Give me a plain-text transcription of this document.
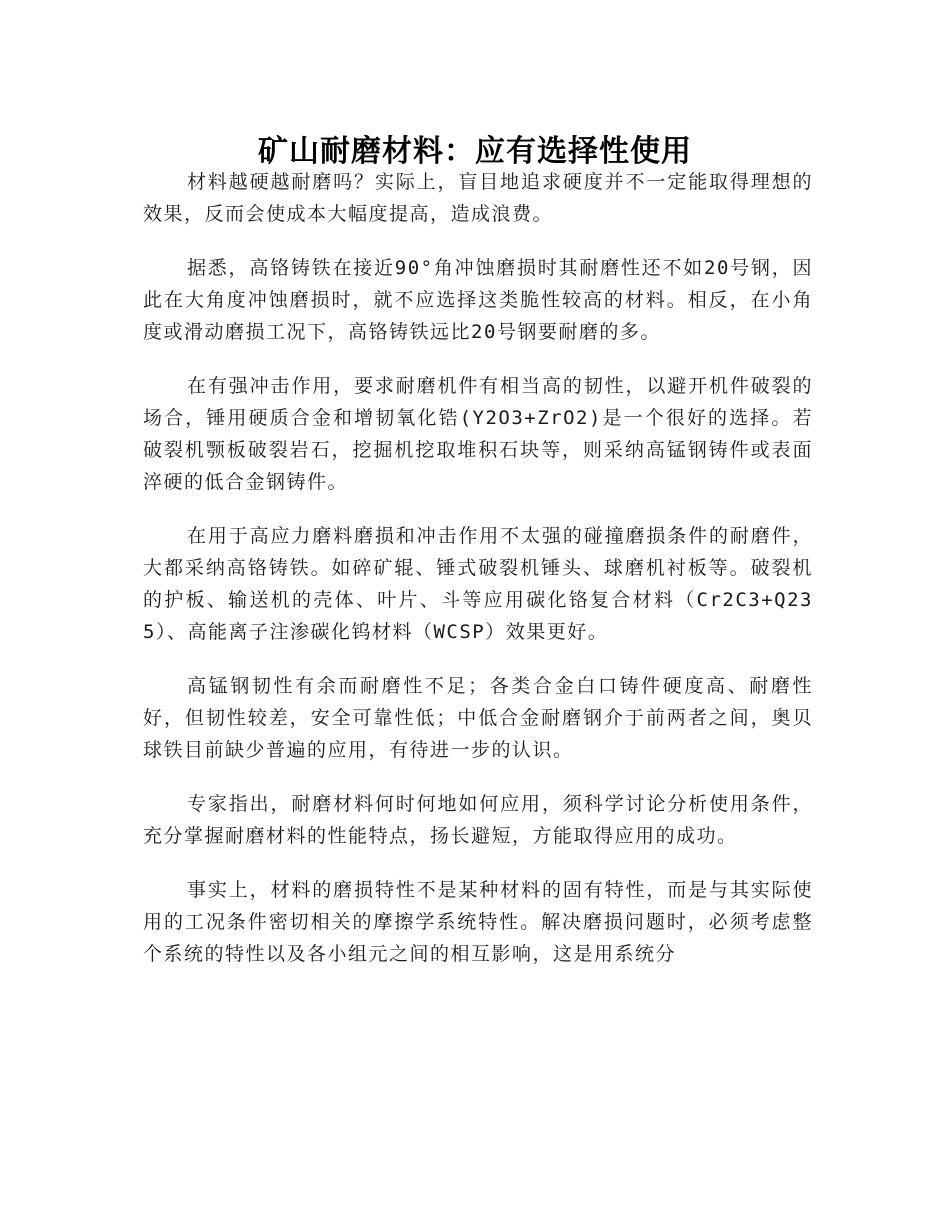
矿山耐磨材料：应有选择性使用

材料越硬越耐磨吗？实际上，盲目地追求硬度并不一定能取得理想的效果，反而会使成本大幅度提高，造成浪费。

据悉，高铬铸铁在接近90°角冲蚀磨损时其耐磨性还不如20号钢，因此在大角度冲蚀磨损时，就不应选择这类脆性较高的材料。相反，在小角度或滑动磨损工况下，高铬铸铁远比20号钢要耐磨的多。

在有强冲击作用，要求耐磨机件有相当高的韧性，以避开机件破裂的场合，锤用硬质合金和增韧氧化锆(Y2O3+ZrO2)是一个很好的选择。若破裂机颚板破裂岩石，挖掘机挖取堆积石块等，则采纳高锰钢铸件或表面淬硬的低合金钢铸件。

在用于高应力磨料磨损和冲击作用不太强的碰撞磨损条件的耐磨件，大都采纳高铬铸铁。如碎矿辊、锤式破裂机锤头、球磨机衬板等。破裂机的护板、输送机的壳体、叶片、斗等应用碳化铬复合材料（Cr2C3+Q235）、高能离子注渗碳化钨材料（WCSP）效果更好。

高锰钢韧性有余而耐磨性不足；各类合金白口铸件硬度高、耐磨性好，但韧性较差，安全可靠性低；中低合金耐磨钢介于前两者之间，奥贝球铁目前缺少普遍的应用，有待进一步的认识。

专家指出，耐磨材料何时何地如何应用，须科学讨论分析使用条件，充分掌握耐磨材料的性能特点，扬长避短，方能取得应用的成功。

事实上，材料的磨损特性不是某种材料的固有特性，而是与其实际使用的工况条件密切相关的摩擦学系统特性。解决磨损问题时，必须考虑整个系统的特性以及各小组元之间的相互影响，这是用系统分
